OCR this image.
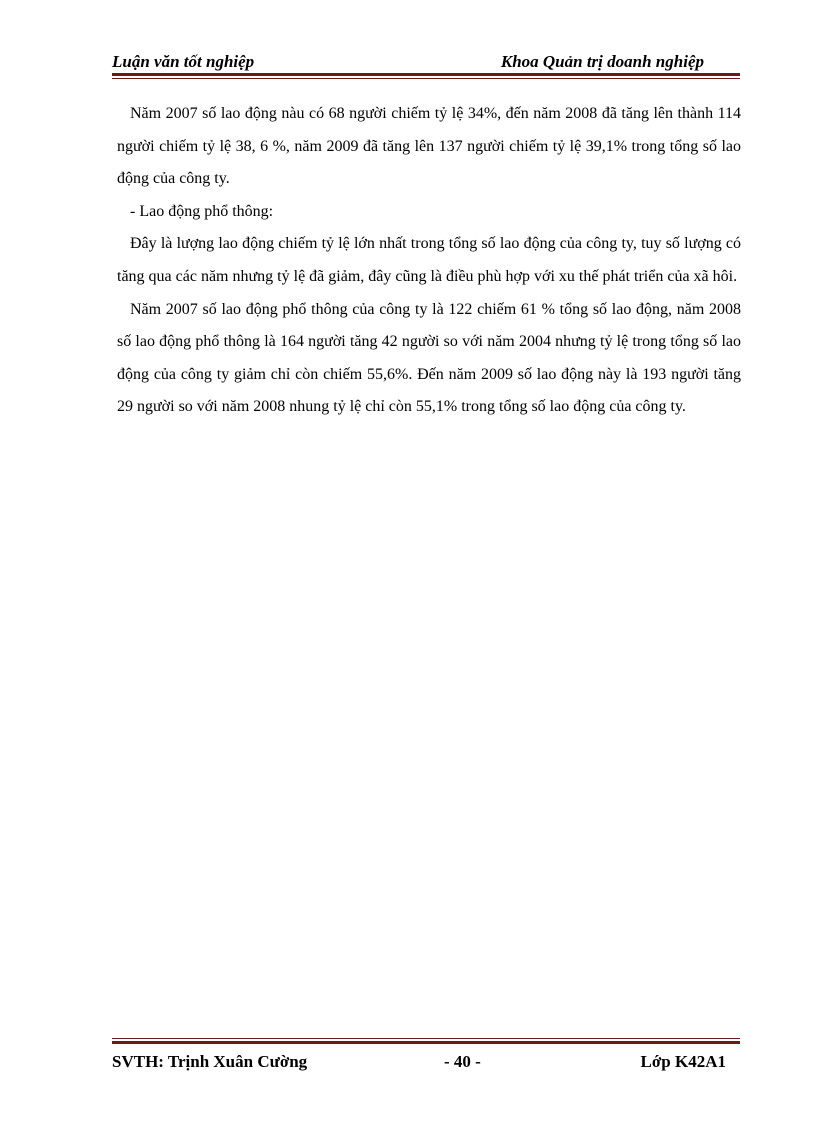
Luận văn tốt nghiệp	Khoa Quản trị doanh nghiệp

Năm 2007 số lao động nàu có 68 người chiếm tỷ lệ 34%, đến năm 2008 đã tăng lên thành 114 người chiếm tỷ lệ 38, 6 %, năm 2009 đã tăng lên 137 người chiếm tỷ lệ 39,1% trong tổng số lao động của công ty.

- Lao động phổ thông:

Đây là lượng lao động chiếm tỷ lệ lớn nhất trong tổng số lao động của công ty, tuy số lượng có tăng qua các năm nhưng tỷ lệ đã giảm, đây cũng là điều phù hợp với xu thế phát triển của xã hôi.

Năm 2007 số lao động phổ thông của công ty là 122 chiếm 61 % tổng số lao động, năm 2008 số lao động phổ thông là 164 người tăng 42 người so với năm 2004 nhưng tỷ lệ trong tổng số lao động của công ty giảm chỉ còn chiếm 55,6%. Đến năm 2009 số lao động này là 193 người tăng 29 người so với năm 2008 nhung tỷ lệ chỉ còn 55,1% trong tổng số lao động của công ty.

SVTH: Trịnh Xuân Cường	- 40 -	Lớp K42A1
